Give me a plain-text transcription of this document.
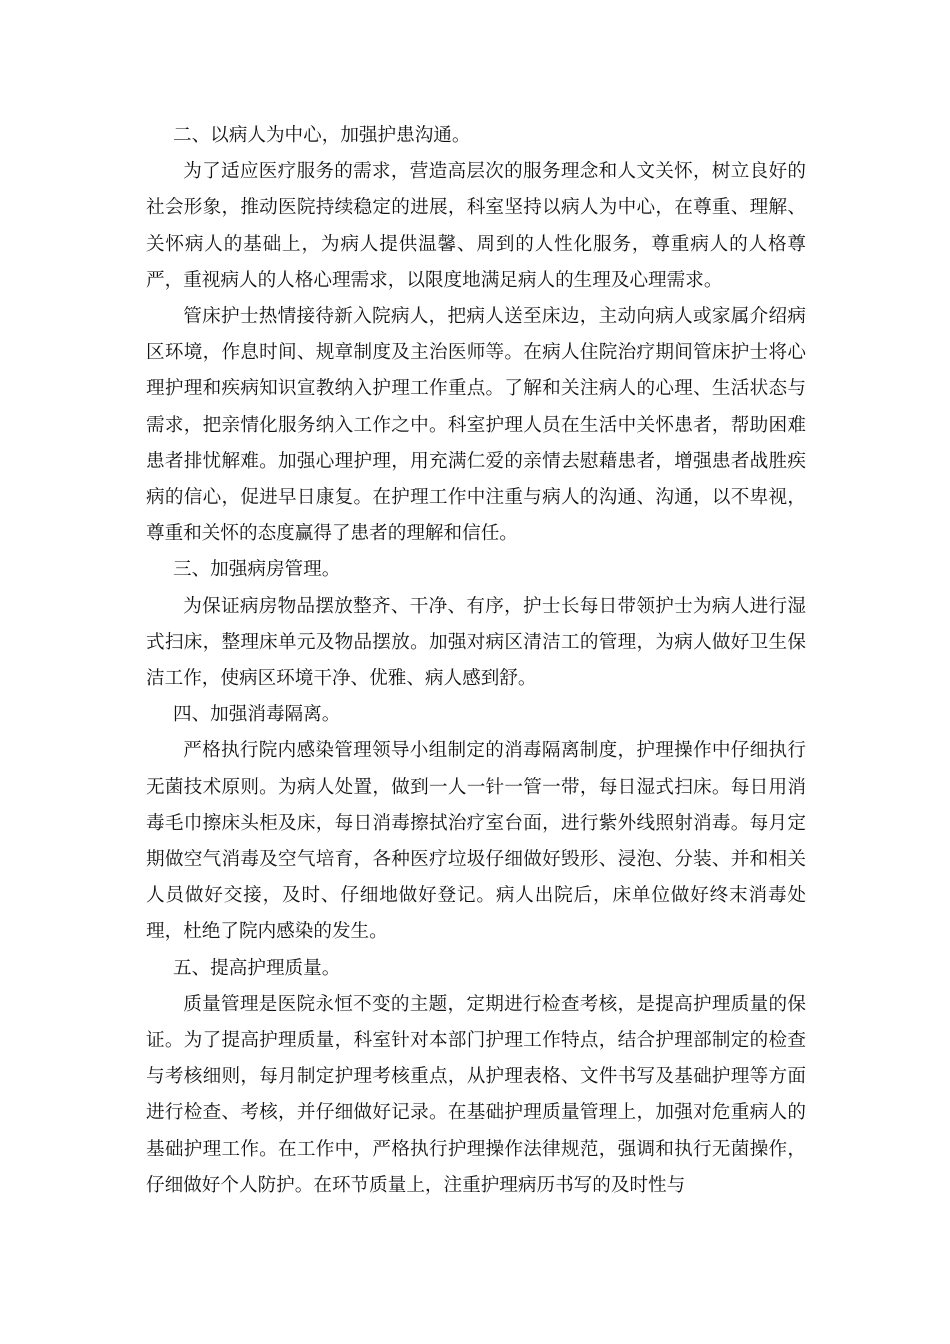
二、以病人为中心，加强护患沟通。

为了适应医疗服务的需求，营造高层次的服务理念和人文关怀，树立良好的社会形象，推动医院持续稳定的进展，科室坚持以病人为中心，在尊重、理解、关怀病人的基础上，为病人提供温馨、周到的人性化服务，尊重病人的人格尊严，重视病人的人格心理需求，以限度地满足病人的生理及心理需求。

管床护士热情接待新入院病人，把病人送至床边，主动向病人或家属介绍病区环境，作息时间、规章制度及主治医师等。在病人住院治疗期间管床护士将心理护理和疾病知识宣教纳入护理工作重点。了解和关注病人的心理、生活状态与需求，把亲情化服务纳入工作之中。科室护理人员在生活中关怀患者，帮助困难患者排忧解难。加强心理护理，用充满仁爱的亲情去慰藉患者，增强患者战胜疾病的信心，促进早日康复。在护理工作中注重与病人的沟通、沟通，以不卑视，尊重和关怀的态度赢得了患者的理解和信任。

三、加强病房管理。

为保证病房物品摆放整齐、干净、有序，护士长每日带领护士为病人进行湿式扫床，整理床单元及物品摆放。加强对病区清洁工的管理，为病人做好卫生保洁工作，使病区环境干净、优雅、病人感到舒。

四、加强消毒隔离。

严格执行院内感染管理领导小组制定的消毒隔离制度，护理操作中仔细执行无菌技术原则。为病人处置，做到一人一针一管一带，每日湿式扫床。每日用消毒毛巾擦床头柜及床，每日消毒擦拭治疗室台面，进行紫外线照射消毒。每月定期做空气消毒及空气培育，各种医疗垃圾仔细做好毁形、浸泡、分装、并和相关人员做好交接，及时、仔细地做好登记。病人出院后，床单位做好终末消毒处理，杜绝了院内感染的发生。

五、提高护理质量。

质量管理是医院永恒不变的主题，定期进行检查考核，是提高护理质量的保证。为了提高护理质量，科室针对本部门护理工作特点，结合护理部制定的检查与考核细则，每月制定护理考核重点，从护理表格、文件书写及基础护理等方面进行检查、考核，并仔细做好记录。在基础护理质量管理上，加强对危重病人的基础护理工作。在工作中，严格执行护理操作法律规范，强调和执行无菌操作，仔细做好个人防护。在环节质量上，注重护理病历书写的及时性与
